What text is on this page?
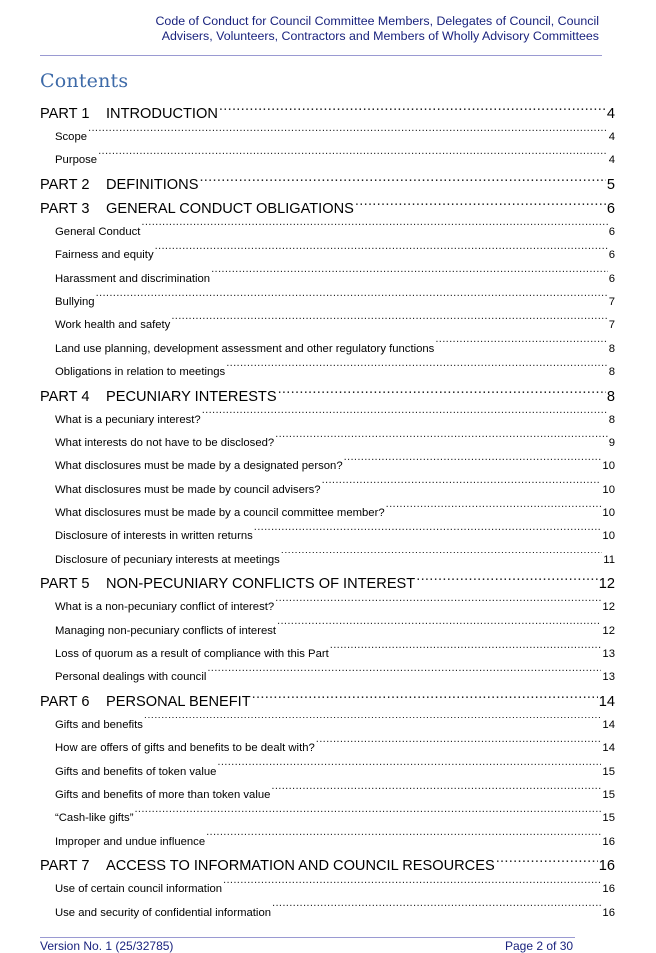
Code of Conduct for Council Committee Members, Delegates of Council, Council
Advisers, Volunteers, Contractors and Members of Wholly Advisory Committees
Contents
PART 1	INTRODUCTION .....	4
Scope .....	4
Purpose .....	4
PART 2	DEFINITIONS .....	5
PART 3	GENERAL CONDUCT OBLIGATIONS .....	6
General Conduct .....	6
Fairness and equity .....	6
Harassment and discrimination .....	6
Bullying .....	7
Work health and safety .....	7
Land use planning, development assessment and other regulatory functions .....	8
Obligations in relation to meetings .....	8
PART 4	PECUNIARY INTERESTS .....	8
What is a pecuniary interest? .....	8
What interests do not have to be disclosed? .....	9
What disclosures must be made by a designated person? .....	10
What disclosures must be made by council advisers? .....	10
What disclosures must be made by a council committee member? .....	10
Disclosure of interests in written returns .....	10
Disclosure of pecuniary interests at meetings .....	11
PART 5	NON-PECUNIARY CONFLICTS OF INTEREST .....	12
What is a non-pecuniary conflict of interest? .....	12
Managing non-pecuniary conflicts of interest .....	12
Loss of quorum as a result of compliance with this Part .....	13
Personal dealings with council .....	13
PART 6	PERSONAL BENEFIT .....	14
Gifts and benefits .....	14
How are offers of gifts and benefits to be dealt with? .....	14
Gifts and benefits of token value .....	15
Gifts and benefits of more than token value .....	15
“Cash-like gifts” .....	15
Improper and undue influence .....	16
PART 7	ACCESS TO INFORMATION AND COUNCIL RESOURCES .....	16
Use of certain council information .....	16
Use and security of confidential information .....	16
Version No. 1 (25/32785)	Page 2 of 30
